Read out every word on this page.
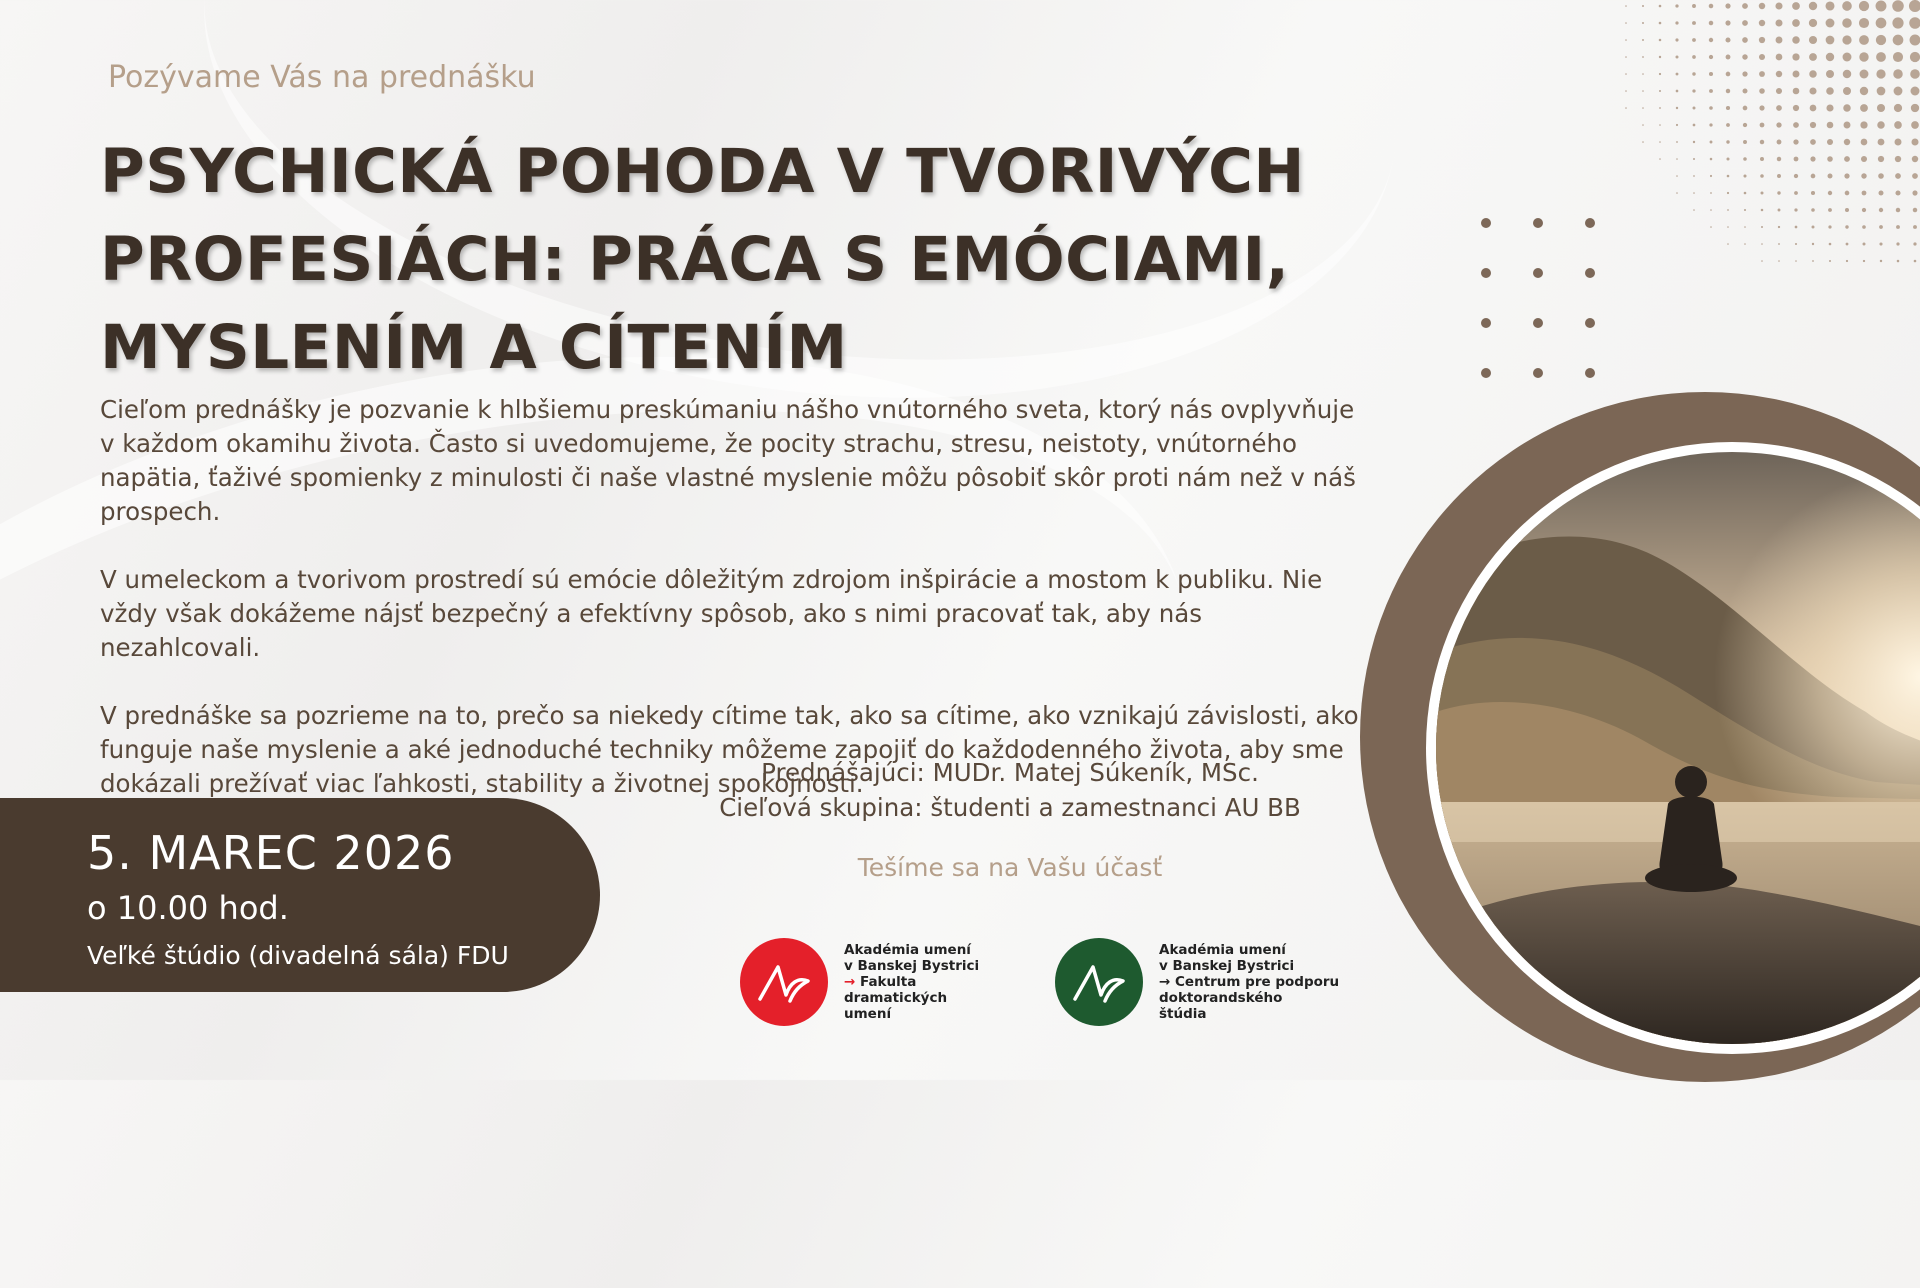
Pozývame Vás na prednášku
PSYCHICKÁ POHODA V TVORIVÝCH
PROFESIÁCH: PRÁCA S EMÓCIAMI,
MYSLENÍM A CÍTENÍM

Cieľom prednášky je pozvanie k hlbšiemu preskúmaniu nášho vnútorného sveta, ktorý nás ovplyvňuje v každom okamihu života. Často si uvedomujeme, že pocity strachu, stresu, neistoty, vnútorného napätia, ťaživé spomienky z minulosti či naše vlastné myslenie môžu pôsobiť skôr proti nám než v náš prospech.

V umeleckom a tvorivom prostredí sú emócie dôležitým zdrojom inšpirácie a mostom k publiku. Nie vždy však dokážeme nájsť bezpečný a efektívny spôsob, ako s nimi pracovať tak, aby nás nezahlcovali.

V prednáške sa pozrieme na to, prečo sa niekedy cítime tak, ako sa cítime, ako vznikajú závislosti, ako funguje naše myslenie a aké jednoduché techniky môžeme zapojiť do každodenného života, aby sme dokázali prežívať viac ľahkosti, stability a životnej spokojnosti.

Prednášajúci: MUDr. Matej Súkeník, MSc.
Cieľová skupina: študenti a zamestnanci AU BB
Tešíme sa na Vašu účasť
5. MAREC 2026
o 10.00 hod.
Veľké štúdio (divadelná sála) FDU	Akadémia umení
v Banskej Bystrici
→ Fakulta
dramatických
umení
Akadémia umení
v Banskej Bystrici
→ Centrum pre podporu
doktorandského
štúdia
